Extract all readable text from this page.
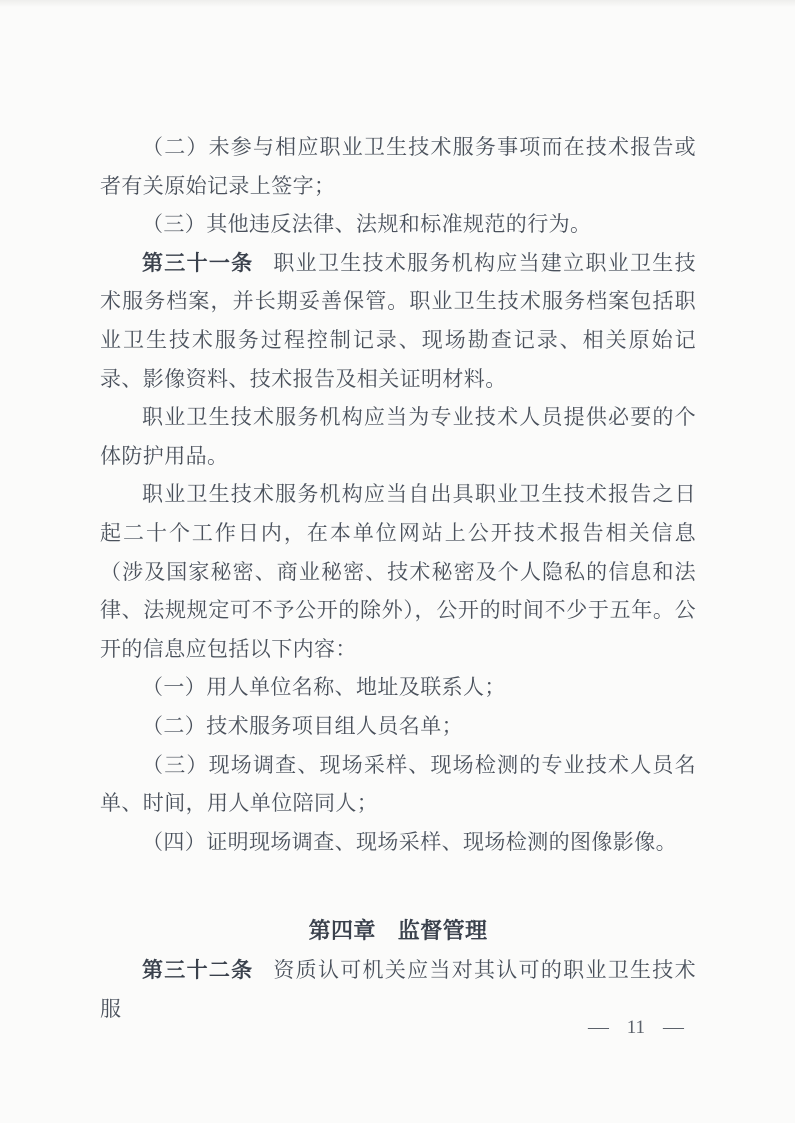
（二）未参与相应职业卫生技术服务事项而在技术报告或者有关原始记录上签字；

（三）其他违反法律、法规和标准规范的行为。

第三十一条 职业卫生技术服务机构应当建立职业卫生技术服务档案，并长期妥善保管。职业卫生技术服务档案包括职业卫生技术服务过程控制记录、现场勘查记录、相关原始记录、影像资料、技术报告及相关证明材料。

职业卫生技术服务机构应当为专业技术人员提供必要的个体防护用品。

职业卫生技术服务机构应当自出具职业卫生技术报告之日起二十个工作日内，在本单位网站上公开技术报告相关信息（涉及国家秘密、商业秘密、技术秘密及个人隐私的信息和法律、法规规定可不予公开的除外），公开的时间不少于五年。公开的信息应包括以下内容：

（一）用人单位名称、地址及联系人；

（二）技术服务项目组人员名单；

（三）现场调查、现场采样、现场检测的专业技术人员名单、时间，用人单位陪同人；

（四）证明现场调查、现场采样、现场检测的图像影像。

第四章 监督管理

第三十二条 资质认可机关应当对其认可的职业卫生技术服

— 11 —
